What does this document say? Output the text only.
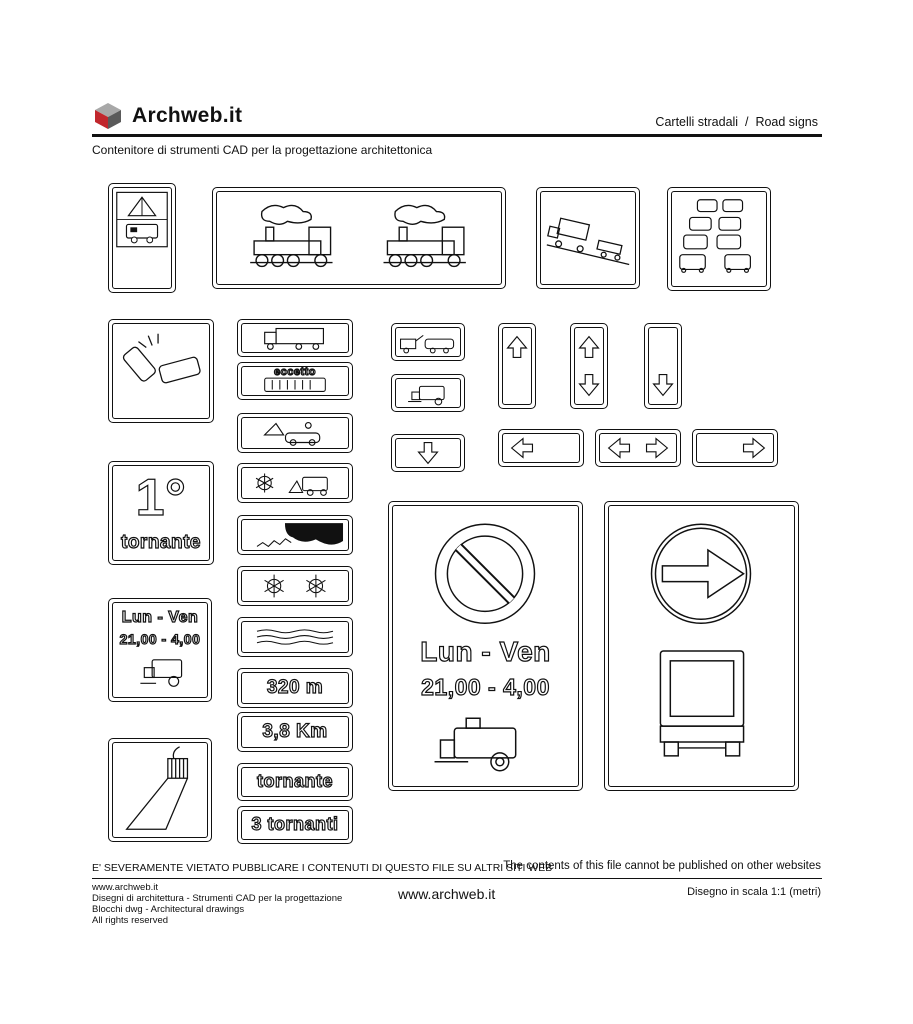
Archweb.it	Cartelli stradali  /  Road signs
Contenitore di strumenti CAD per la progettazione architettonica
1°
tornante
Lun - Ven
21,00 - 4,00
eccetto
320 m
3,8 Km
tornante
3 tornanti
Lun - Ven
21,00 - 4,00
E' SEVERAMENTE VIETATO PUBBLICARE I CONTENUTI DI QUESTO FILE SU ALTRI SITI WEB
The contents of this file cannot be published on other websites
www.archweb.it
Disegni di architettura - Strumenti CAD per la progettazione
Blocchi dwg - Architectural drawings
All rights reserved
www.archweb.it	Disegno in scala 1:1 (metri)
